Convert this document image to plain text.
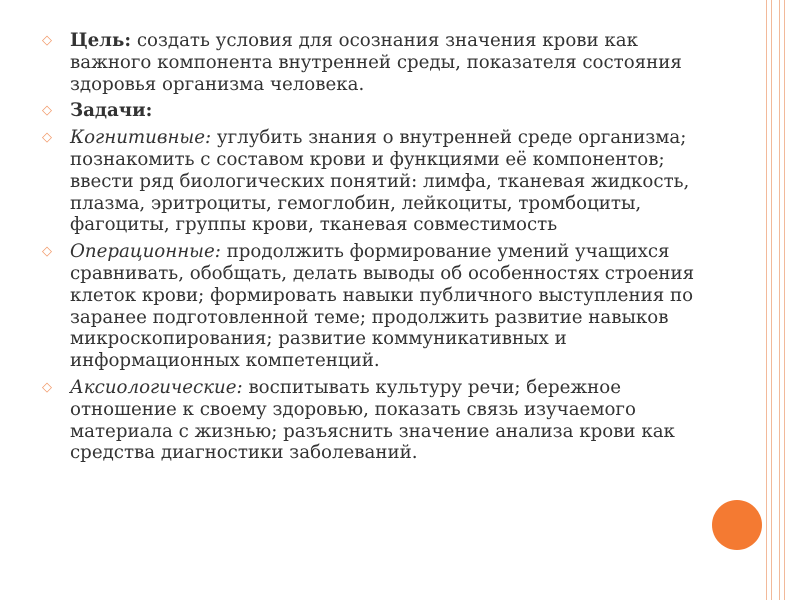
◇ Цель: создать условия для осознания значения крови как важного компонента внутренней среды, показателя состояния здоровья организма человека.
◇ Задачи:
◇ Когнитивные: углубить знания о внутренней среде организма; познакомить с составом крови и функциями её компонентов; ввести ряд биологических понятий: лимфа, тканевая жидкость, плазма, эритроциты, гемоглобин, лейкоциты, тромбоциты, фагоциты, группы крови, тканевая совместимость
◇ Операционные: продолжить формирование умений учащихся сравнивать, обобщать, делать выводы об особенностях строения клеток крови; формировать навыки публичного выступления по заранее подготовленной теме; продолжить развитие навыков микроскопирования; развитие коммуникативных и информационных компетенций.
◇ Аксиологические: воспитывать культуру речи; бережное отношение к своему здоровью, показать связь изучаемого материала с жизнью; разъяснить значение анализа крови как средства диагностики заболеваний.
